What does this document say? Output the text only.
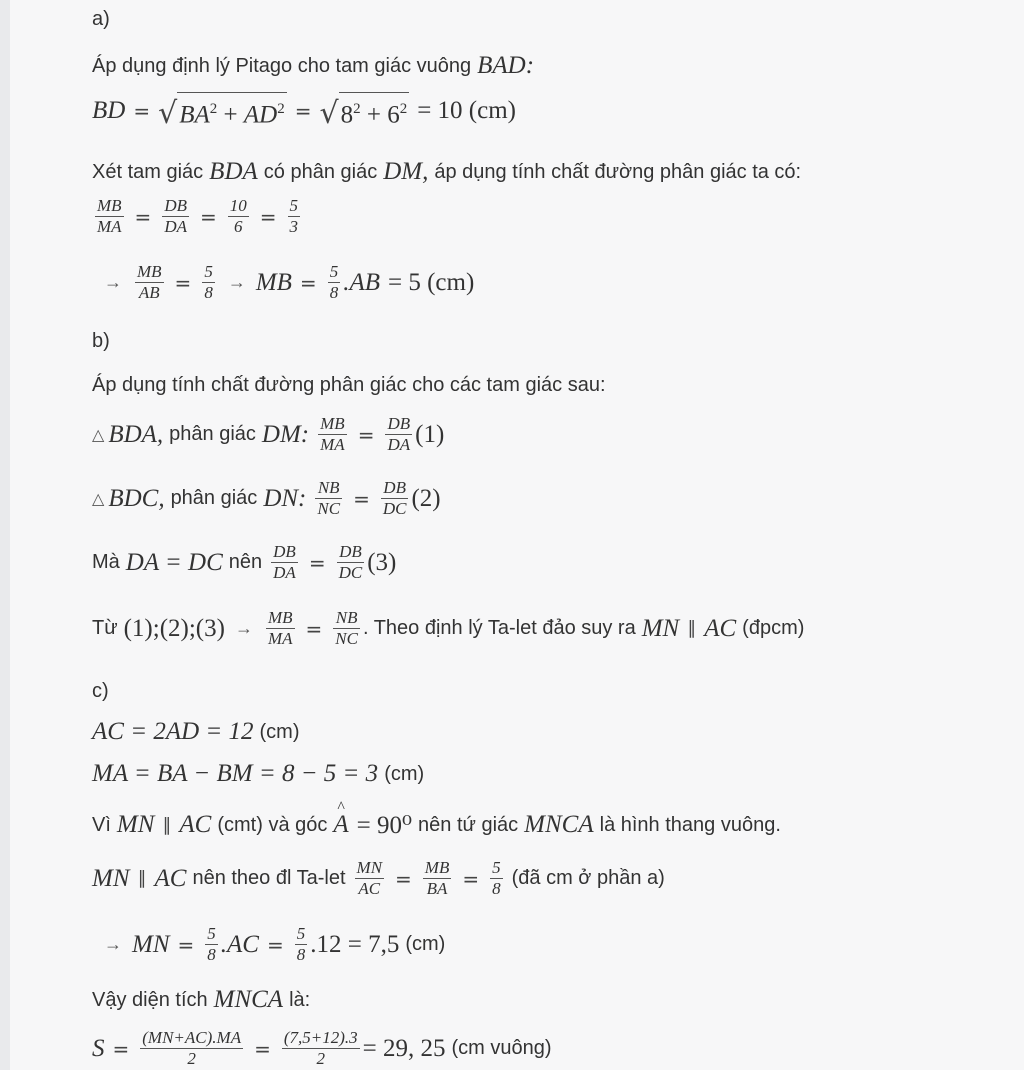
a)
Áp dụng định lý Pitago cho tam giác vuông BAD:
BD = √ $BA^2 + AD^2$ = √ $8^2 + 6^2 = 10$ (cm)
Xét tam giác BDA có phân giác DM, áp dụng tính chất đường phân giác ta có:
$\frac{MB}{MA} = \frac{DB}{DA} = \frac{10}{6} = \frac{5}{3}$
→ $\frac{MB}{AB} = \frac{5}{8}$ → MB = $\frac{5}{8} .AB = 5$ (cm)
b)
Áp dụng tính chất đường phân giác cho các tam giác sau:
△ BDA, phân giác DM: $\frac{MB}{MA} = \frac{DB}{DA} (1)$
△ BDC, phân giác DN: $\frac{NB}{NC} = \frac{DB}{DC} (2)$
Mà DA = DC nên $\frac{DB}{DA} = \frac{DB}{DC} (3)$
Từ (1);(2);(3) → $\frac{MB}{MA} = \frac{NB}{NC}$ . Theo định lý Ta-let đảo suy ra MN ∥ AC (đpcm)
c)
AC = 2AD = 12 (cm)
MA = BA − BM = 8 − 5 = 3 (cm)
Vì MN ∥ AC (cmt) và góc
^ A = 90⁰ nên tứ giác MNCA là hình thang vuông.
MN ∥ AC nên theo đl $Ta-let \frac{MN}{AC} = \frac{MB}{BA} = \frac{5}{8}$ (đã cm ở phần a)
→ MN = $\frac{5}{8} .AC = \frac{5}{8} .12 = 7,5$ (cm)
Vậy diện tích MNCA là:
$S = \frac{(MN+AC).MA}{2} = \frac{(7,5+12).3}{2} = 29$, 25 (cm vuông)
